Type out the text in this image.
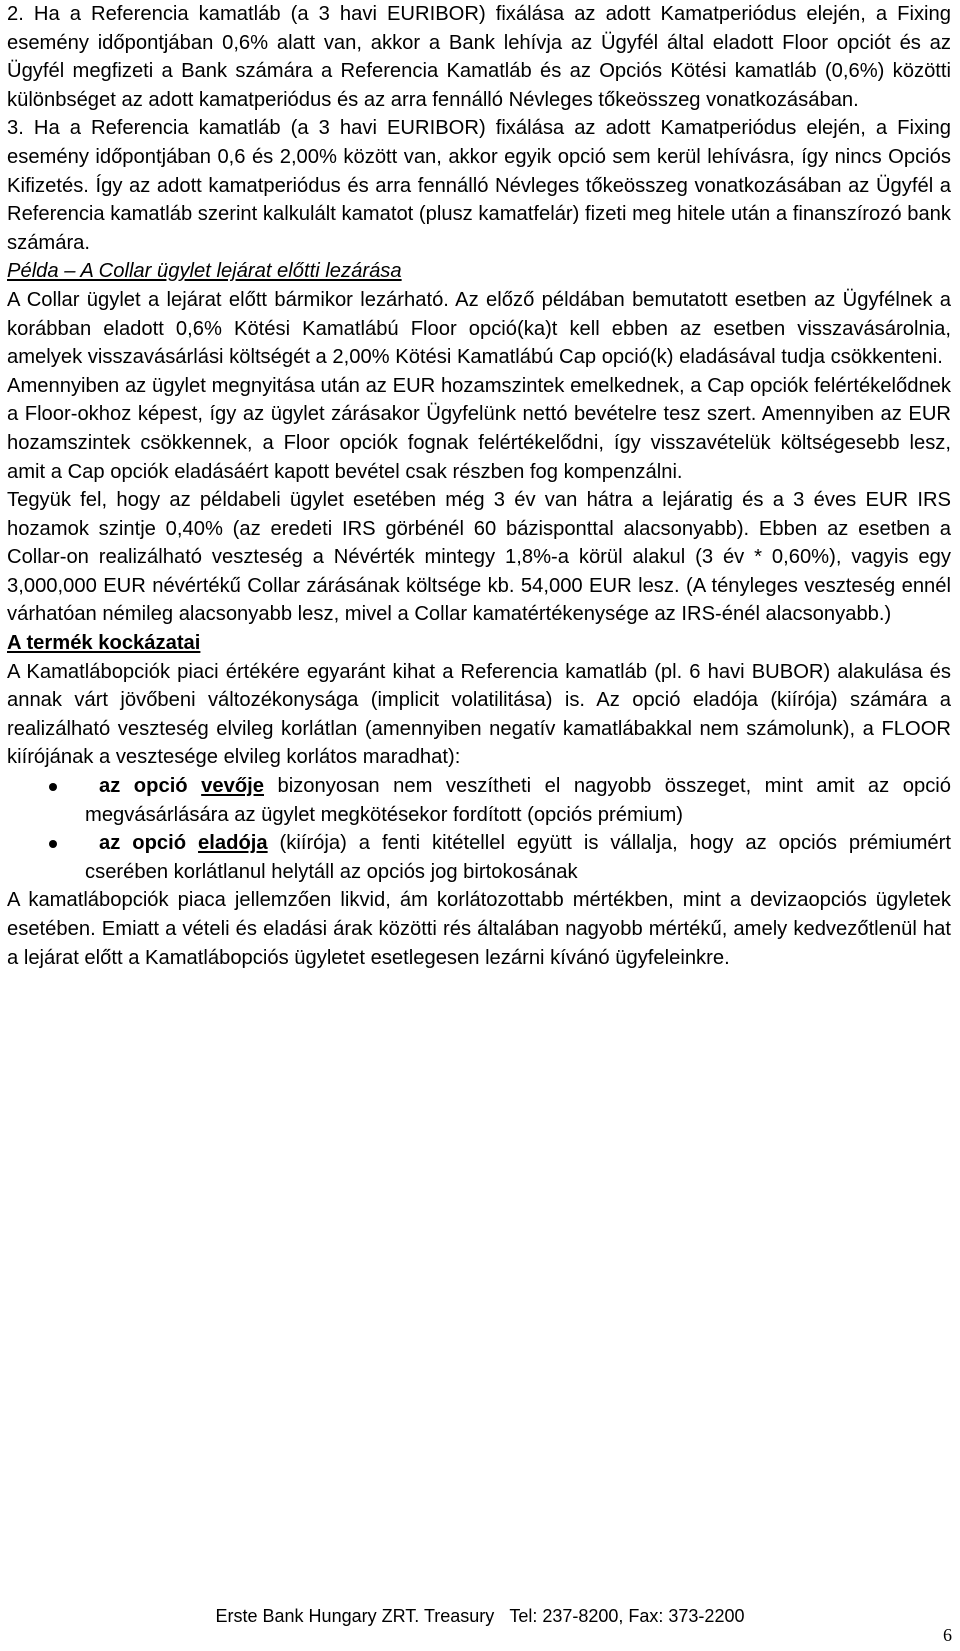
2. Ha a Referencia kamatláb (a 3 havi EURIBOR) fixálása az adott Kamatperiódus elején, a Fixing esemény időpontjában 0,6% alatt van, akkor a Bank lehívja az Ügyfél által eladott Floor opciót és az Ügyfél megfizeti a Bank számára a Referencia Kamatláb és az Opciós Kötési kamatláb (0,6%) közötti különbséget az adott kamatperiódus és az arra fennálló Névleges tőkeösszeg vonatkozásában.

3. Ha a Referencia kamatláb (a 3 havi EURIBOR) fixálása az adott Kamatperiódus elején, a Fixing esemény időpontjában 0,6 és 2,00% között van, akkor egyik opció sem kerül lehívásra, így nincs Opciós Kifizetés. Így az adott kamatperiódus és arra fennálló Névleges tőkeösszeg vonatkozásában az Ügyfél a Referencia kamatláb szerint kalkulált kamatot (plusz kamatfelár) fizeti meg hitele után a finanszírozó bank számára.

Példa – A Collar ügylet lejárat előtti lezárása

A Collar ügylet a lejárat előtt bármikor lezárható. Az előző példában bemutatott esetben az Ügyfélnek a korábban eladott 0,6% Kötési Kamatlábú Floor opció(ka)t kell ebben az esetben visszavásárolnia, amelyek visszavásárlási költségét a 2,00% Kötési Kamatlábú Cap opció(k) eladásával tudja csökkenteni.

Amennyiben az ügylet megnyitása után az EUR hozamszintek emelkednek, a Cap opciók felértékelődnek a Floor-okhoz képest, így az ügylet zárásakor Ügyfelünk nettó bevételre tesz szert. Amennyiben az EUR hozamszintek csökkennek, a Floor opciók fognak felértékelődni, így visszavételük költségesebb lesz, amit a Cap opciók eladásáért kapott bevétel csak részben fog kompenzálni.

Tegyük fel, hogy az példabeli ügylet esetében még 3 év van hátra a lejáratig és a 3 éves EUR IRS hozamok szintje 0,40% (az eredeti IRS görbénél 60 bázisponttal alacsonyabb). Ebben az esetben a Collar-on realizálható veszteség a Névérték mintegy 1,8%-a körül alakul (3 év * 0,60%), vagyis egy 3,000,000 EUR névértékű Collar zárásának költsége kb. 54,000 EUR lesz. (A tényleges veszteség ennél várhatóan némileg alacsonyabb lesz, mivel a Collar kamatértékenysége az IRS-énél alacsonyabb.)

A termék kockázatai

A Kamatlábopciók piaci értékére egyaránt kihat a Referencia kamatláb (pl. 6 havi BUBOR) alakulása és annak várt jövőbeni változékonysága (implicit volatilitása) is. Az opció eladója (kiírója) számára a realizálható veszteség elvileg korlátlan (amennyiben negatív kamatlábakkal nem számolunk), a FLOOR kiírójának a vesztesége elvileg korlátos maradhat):

az opció vevője bizonyosan nem veszítheti el nagyobb összeget, mint amit az opció megvásárlására az ügylet megkötésekor fordított (opciós prémium)
az opció eladója (kiírója) a fenti kitétellel együtt is vállalja, hogy az opciós prémiumért cserében korlátlanul helytáll az opciós jog birtokosának

A kamatlábopciók piaca jellemzően likvid, ám korlátozottabb mértékben, mint a devizaopciós ügyletek esetében. Emiatt a vételi és eladási árak közötti rés általában nagyobb mértékű, amely kedvezőtlenül hat a lejárat előtt a Kamatlábopciós ügyletet esetlegesen lezárni kívánó ügyfeleinkre.

Erste Bank Hungary ZRT. Treasury Tel: 237-8200, Fax: 373-2200
6
